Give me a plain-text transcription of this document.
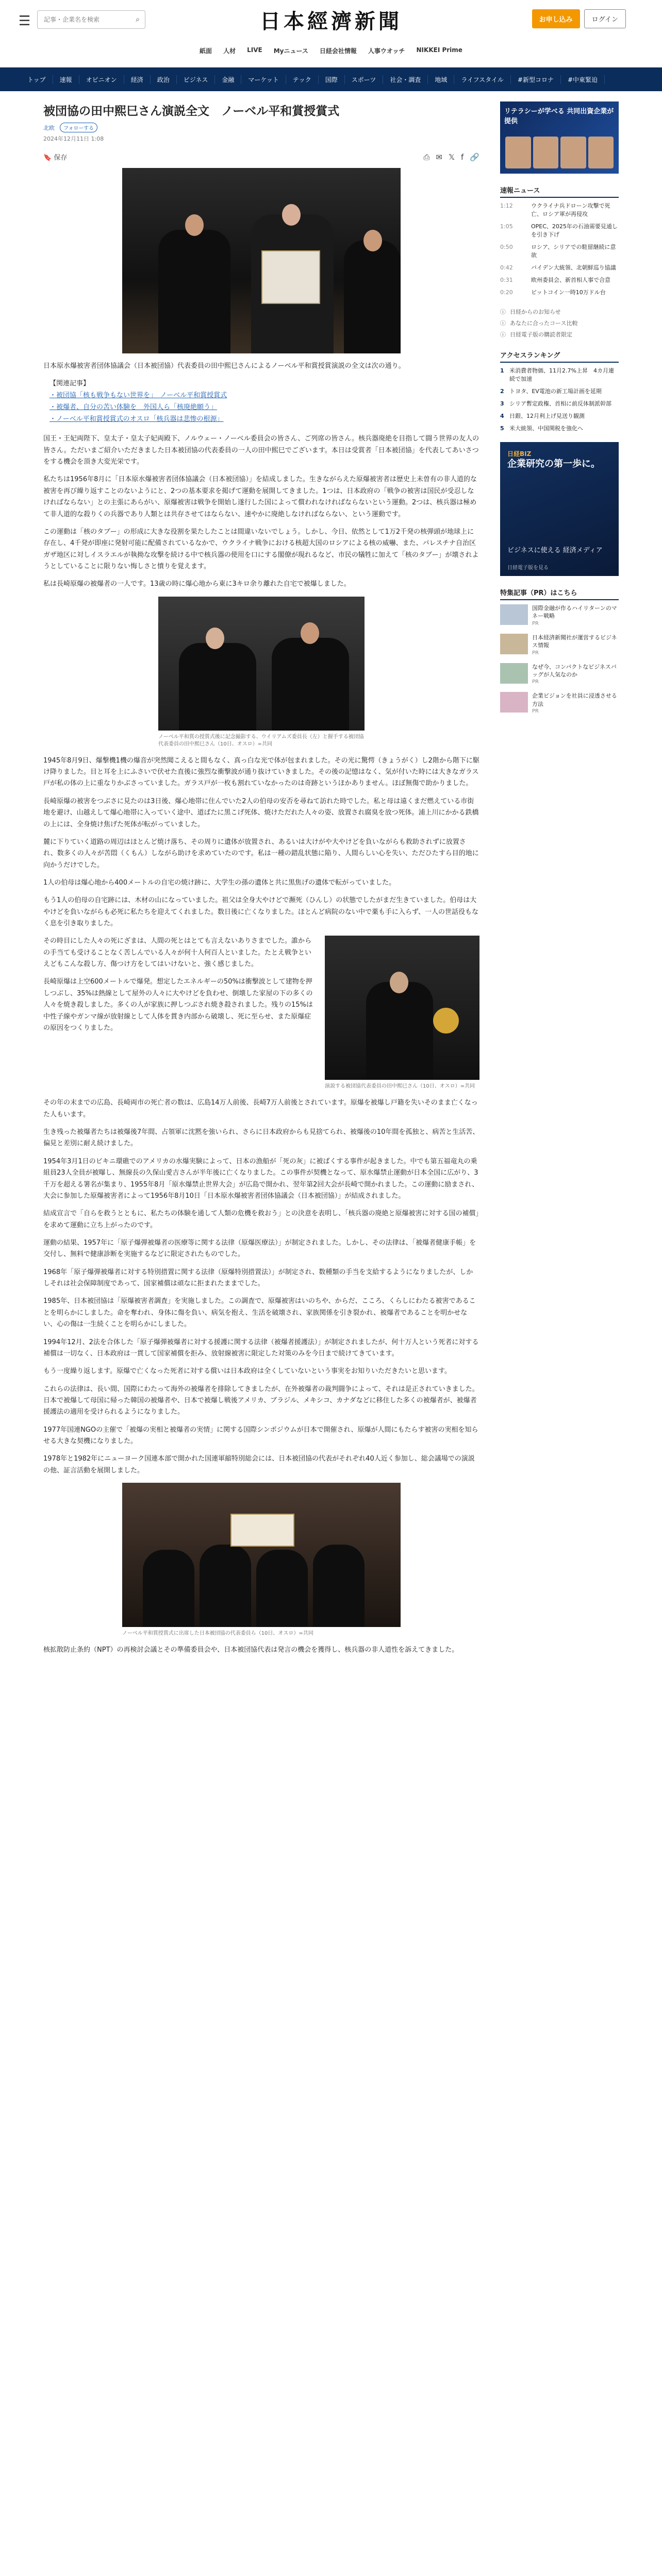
☰
記事・企業名を検索	⌕	日本經濟新聞	お申し込み	ログイン
紙面 人材 LIVE Myニュース 日経会社情報 人事ウオッチ NIKKEI Prime
トップ	速報	オピニオン	経済	政治	ビジネス	金融	マーケット	テック	国際	スポーツ	社会・調査	地域	ライフスタイル	#新型コロナ	#中東緊迫
被団協の田中熙巳さん演説全文　ノーベル平和賞授賞式
北欧	フォローする
2024年12月11日 1:08
🔖 保存	⎙ ✉ 𝕏 f 🔗

日本原水爆被害者団体協議会（日本被団協）代表委員の田中熙巳さんによるノーベル平和賞授賞演説の全文は次の通り。

【関連記事】
・被団協「核も戦争もない世界を」　ノーベル平和賞授賞式
・被爆者、自分の苦い体験を　外国人ら「核廃絶願う」
・ノーベル平和賞授賞式のオスロ「核兵器は悲惨の根源」

国王・王妃両陛下、皇太子・皇太子妃両殿下、ノルウェー・ノーベル委員会の皆さん、ご列席の皆さん。核兵器廃絶を目指して闘う世界の友人の皆さん。ただいまご紹介いただきました日本被団協の代表委員の一人の田中熙巳でございます。本日は受賞者「日本被団協」を代表してあいさつをする機会を頂き大変光栄です。

私たちは1956年8月に「日本原水爆被害者団体協議会（日本被団協）」を結成しました。生きながらえた原爆被害者は歴史上未曽有の非人道的な被害を再び繰り返すことのないようにと、2つの基本要求を掲げて運動を展開してきました。1つは、日本政府の「戦争の被害は国民が受忍しなければならない」との主張にあらがい、原爆被害は戦争を開始し遂行した国によって償われなければならないという運動。2つは、核兵器は極めて非人道的な殺りくの兵器であり人類とは共存させてはならない、速やかに廃絶しなければならない、という運動です。

この運動は「核のタブー」の形成に大きな役割を果たしたことは間違いないでしょう。しかし、今日、依然として1万2千発の核弾頭が地球上に存在し、4千発が即座に発射可能に配備されているなかで、ウクライナ戦争における核超大国のロシアによる核の威嚇、また、パレスチナ自治区ガザ地区に対しイスラエルが執拗な攻撃を続ける中で核兵器の使用を口にする閣僚が現れるなど、市民の犠牲に加えて「核のタブー」が壊されようとしていることに限りない悔しさと憤りを覚えます。

私は長崎原爆の被爆者の一人です。13歳の時に爆心地から東に3キロ余り離れた自宅で被爆しました。

ノーベル平和賞の授賞式後に記念撮影する、ウイリアムズ委員長（左）と握手する被団協代表委員の田中熙巳さん（10日、オスロ）=共同

1945年8月9日、爆撃機1機の爆音が突然聞こえると間もなく、真っ白な光で体が包まれました。その光に驚愕（きょうがく）し2階から階下に駆け降りました。目と耳を上にふさいで伏せた直後に強烈な衝撃波が通り抜けていきました。その後の記憶はなく、気が付いた時には大きなガラス戸が私の体の上に重なりかぶさっていました。ガラス戸が一枚も割れていなかったのは奇跡というほかありません。ほぼ無傷で助かりました。

長崎原爆の被害をつぶさに見たのは3日後、爆心地帯に住んでいた2人の伯母の安否を尋ねて訪れた時でした。私と母は遠くまだ燃えている市街地を避け、山越えして爆心地帯に入っていく途中、道ばたに黒こげ死体、焼けただれた人々の姿、放置され腐臭を放つ死体。浦上川にかかる鉄橋の上には、全身焼け焦げた死体が転がっていました。

麓に下りていく道路の周辺はほとんど焼け落ち、その周りに遺体が放置され、あるいは大けがや大やけどを負いながらも救助されずに放置され、数多くの人々が苦悶（くもん）しながら助けを求めていたのです。私は一種の錯乱状態に陥り、人間らしい心を失い、ただひたすら目的地に向かうだけでした。

1人の伯母は爆心地から400メートルの自宅の焼け跡に、大学生の孫の遺体と共に黒焦げの遺体で転がっていました。

もう1人の伯母の自宅跡には、木材の山になっていました。祖父は全身大やけどで瀕死（ひんし）の状態でしたがまだ生きていました。伯母は大やけどを負いながらも必死に私たちを迎えてくれました。数日後に亡くなりました。ほとんど病院のない中で薬も手に入らず、一人の世話役もなく息を引き取りました。

その時目にした人々の死にざまは、人間の死とはとても言えないありさまでした。誰からの手当ても受けることなく苦しんでいる人々が何十人何百人といました。たとえ戦争といえどもこんな殺し方、傷つけ方をしてはいけないと、強く感じました。

長崎原爆は上空600メートルで爆発。想定したエネルギーの50%は衝撃波として建物を押しつぶし、35%は熱線として屋外の人々に大やけどを負わせ、倒壊した家屋の下の多くの人々を焼き殺しました。多くの人が家族に押しつぶされ焼き殺されました。残りの15%は中性子線やガンマ線が放射線として人体を貫き内部から破壊し、死に至らせ、また原爆症の原因をつくりました。

演説する被団協代表委員の田中熙巳さん（10日、オスロ）=共同

その年の末までの広島、長崎両市の死亡者の数は、広島14万人前後、長崎7万人前後とされています。原爆を被爆し戸籍を失いそのまま亡くなった人もいます。

生き残った被爆者たちは被爆後7年間、占領軍に沈黙を強いられ、さらに日本政府からも見捨てられ、被爆後の10年間を孤独と、病苦と生活苦、偏見と差別に耐え続けました。

1954年3月1日のビキニ環礁でのアメリカの水爆実験によって、日本の漁船が「死の灰」に被ばくする事件が起きました。中でも第五福竜丸の乗組員23人全員が被曝し、無線長の久保山愛吉さんが半年後に亡くなりました。この事件が契機となって、原水爆禁止運動が日本全国に広がり、3千万を超える署名が集まり、1955年8月「原水爆禁止世界大会」が広島で開かれ、翌年第2回大会が長崎で開かれました。この運動に励まされ、大会に参加した原爆被害者によって1956年8月10日「日本原水爆被害者団体協議会（日本被団協）」が結成されました。

結成宣言で「自らを救うとともに、私たちの体験を通して人類の危機を救おう」との決意を表明し、「核兵器の廃絶と原爆被害に対する国の補償」を求めて運動に立ち上がったのです。

運動の結果、1957年に「原子爆弾被爆者の医療等に関する法律（原爆医療法）」が制定されました。しかし、その法律は、「被爆者健康手帳」を交付し、無料で健康診断を実施するなどに限定されたものでした。

1968年「原子爆弾被爆者に対する特別措置に関する法律（原爆特別措置法）」が制定され、数種類の手当を支給するようになりましたが、しかしそれは社会保障制度であって、国家補償は頑なに拒まれたままでした。

1985年、日本被団協は「原爆被害者調査」を実施しました。この調査で、原爆被害はいのちや、からだ、こころ、くらしにわたる被害であることを明らかにしました。命を奪われ、身体に傷を負い、病気を抱え、生活を破壊され、家族関係を引き裂かれ、被爆者であることを明かせない、心の傷は一生続くことを明らかにしました。

1994年12月、2法を合体した「原子爆弾被爆者に対する援護に関する法律（被爆者援護法）」が制定されましたが、何十万人という死者に対する補償は一切なく、日本政府は一貫して国家補償を拒み、放射線被害に限定した対策のみを今日まで続けてきています。

もう一度繰り返します。原爆で亡くなった死者に対する償いは日本政府は全くしていないという事実をお知りいただきたいと思います。

これらの法律は、長い間、国際にわたって海外の被爆者を排除してきましたが、在外被爆者の裁判闘争によって、それは是正されていきました。日本で被爆して母国に帰った韓国の被爆者や、日本で被爆し戦後アメリカ、ブラジル、メキシコ、カナダなどに移住した多くの被爆者が、被爆者援護法の適用を受けられるようになりました。

1977年国連NGOの主催で「被爆の実相と被爆者の実情」に関する国際シンポジウムが日本で開催され、原爆が人間にもたらす被害の実相を知らせる大きな契機になりました。

1978年と1982年にニューヨーク国連本部で開かれた国連軍縮特別総会には、日本被団協の代表がそれぞれ40人近く参加し、総会議場での演説の他、証言活動を展開しました。

ノーベル平和賞授賞式に出席した日本被団協の代表委員ら（10日、オスロ）=共同

核拡散防止条約（NPT）の再検討会議とその準備委員会や、日本被団協代表は発言の機会を獲得し、核兵器の非人道性を訴えてきました。

リテラシーが学べる 共同出資企業が提供
速報ニュース
1:12	ウクライナ兵ドローン攻撃で死亡、ロシア軍が再侵攻
1:05	OPEC、2025年の石油需要見通しを引き下げ
0:50	ロシア、シリアでの駐留継続に意欲
0:42	バイデン大統領、北朝鮮巡り協議
0:31	欧州委員会、新首相人事で合意
0:20	ビットコイン一時10万ドル台
ⓘ 日経からのお知らせ
ⓘ あなたに合ったコース比較
ⓘ 日経電子版の購読者限定
アクセスランキング
1 米消費者物価、11月2.7%上昇　4カ月連続で加速
2 トヨタ、EV電池の新工場計画を延期
3 シリア暫定政権、首相に前反体制派幹部
4 日銀、12月利上げ見送り観測
5 米大統領、中国関税を強化へ
日経BIZ
企業研究の第一歩に。
ビジネスに使える 経済メディア
日経電子版を見る
特集記事（PR）はこちら
国際金融が作るハイリターンのマネー戦略
PR
日本経済新聞社が運営するビジネス情報
PR
なぜ今、コンパクトなビジネスバッグが人気なのか
PR
企業ビジョンを社員に浸透させる方法
PR
